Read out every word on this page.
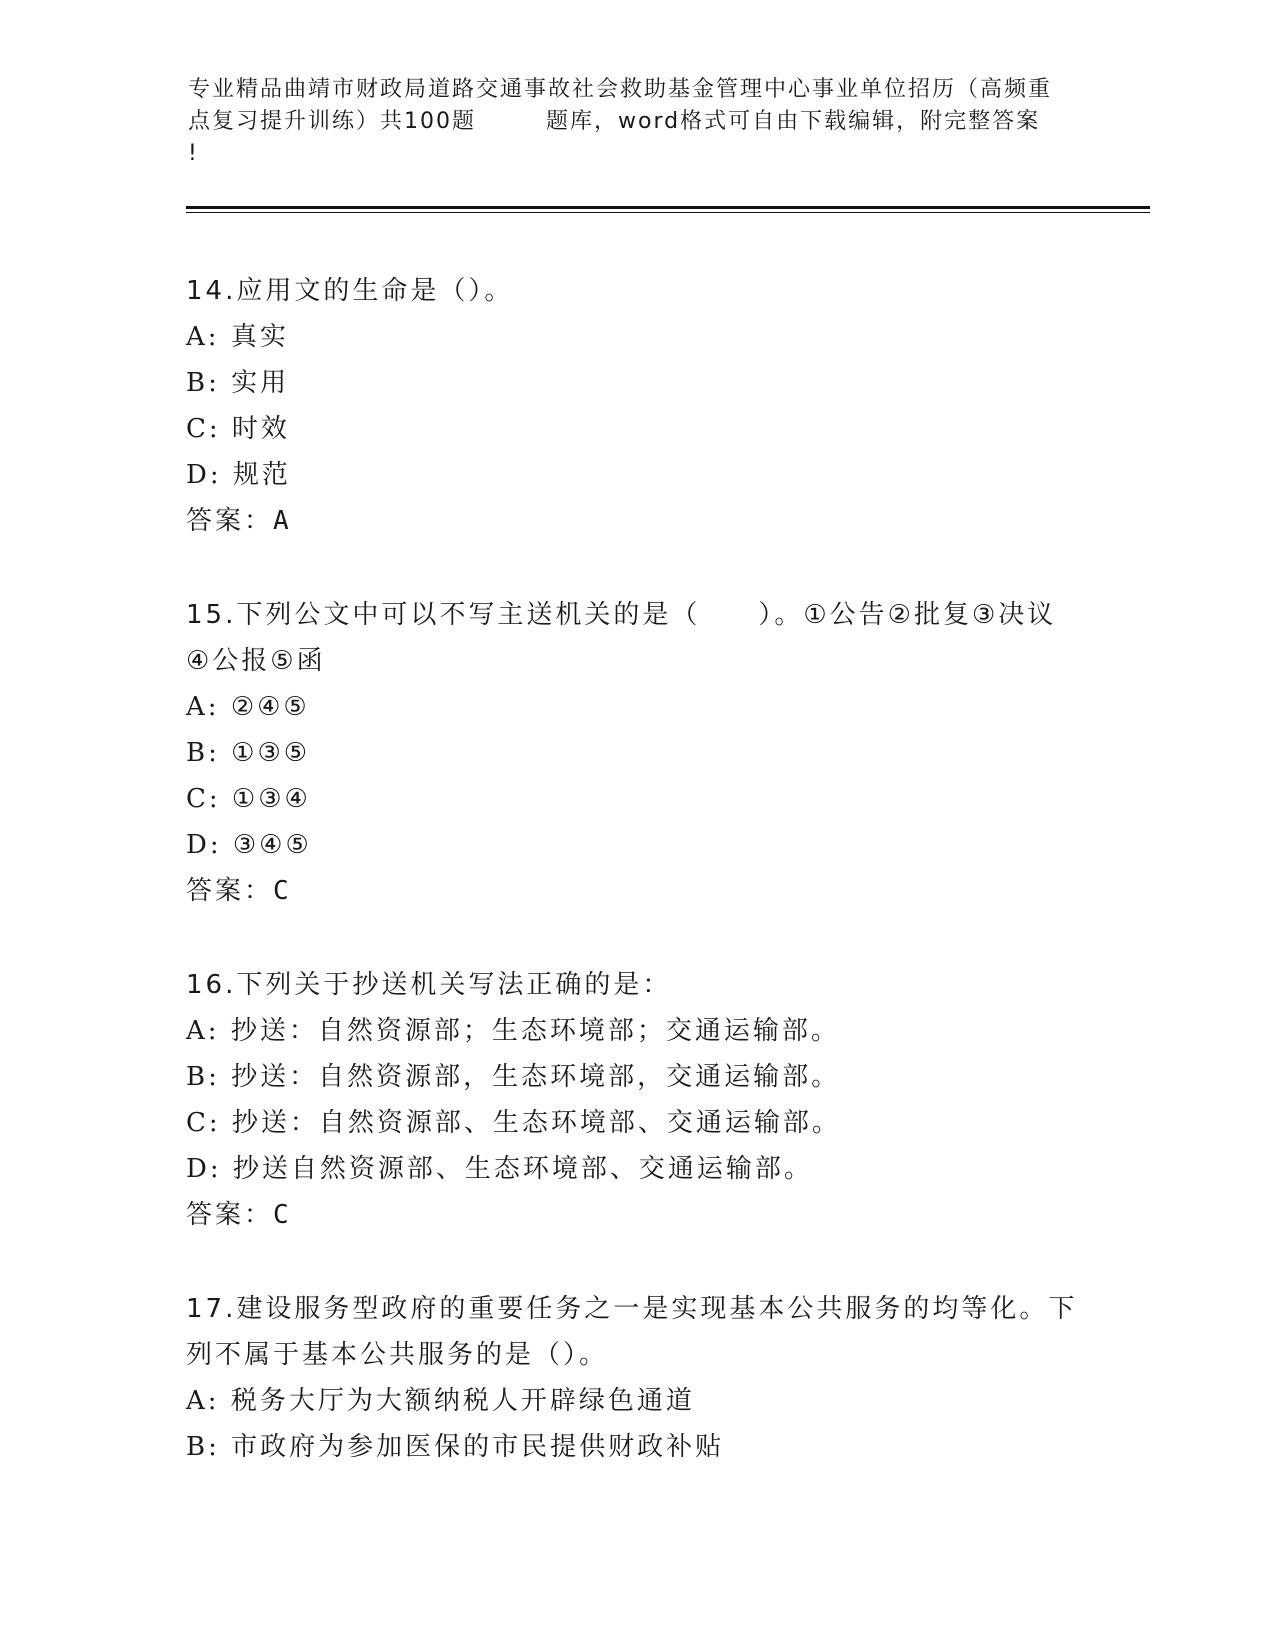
专业精品曲靖市财政局道路交通事故社会救助基金管理中心事业单位招历（高频重
点复习提升训练）共100题	题库，word格式可自由下载编辑，附完整答案
!
14.应用文的生命是（）。
A: 真实
B: 实用
C: 时效
D: 规范
答案：A
15.下列公文中可以不写主送机关的是（　　）。①公告②批复③决议
④公报⑤函
A: ②④⑤
B: ①③⑤
C: ①③④
D: ③④⑤
答案：C
16.下列关于抄送机关写法正确的是：
A: 抄送：自然资源部；生态环境部；交通运输部。
B: 抄送：自然资源部，生态环境部，交通运输部。
C: 抄送：自然资源部、生态环境部、交通运输部。
D: 抄送自然资源部、生态环境部、交通运输部。
答案：C
17.建设服务型政府的重要任务之一是实现基本公共服务的均等化。下
列不属于基本公共服务的是（）。
A: 税务大厅为大额纳税人开辟绿色通道
B: 市政府为参加医保的市民提供财政补贴
